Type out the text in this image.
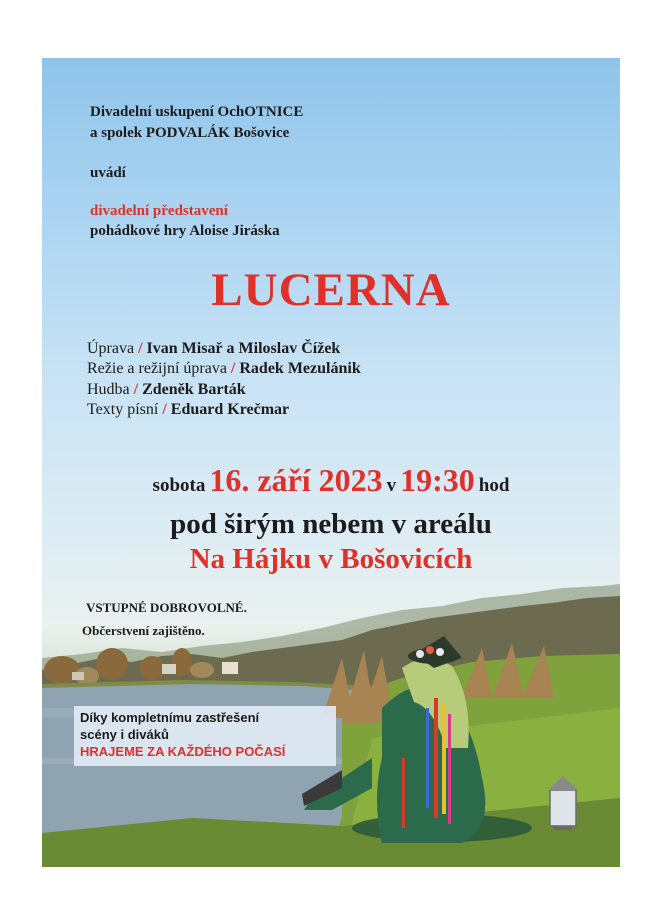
Divadelní uskupení OchOTNICE

a spolek PODVALÁK Bošovice

uvádí

divadelní představení

pohádkové hry Aloise Jiráska

LUCERNA

Úprava / Ivan Misař a Miloslav Čížek

Režie a režijní úprava / Radek Mezulánik

Hudba / Zdeněk Barták

Texty písní / Eduard Krečmar

sobota 16. září 2023 v 19:30 hod

pod širým nebem v areálu

Na Hájku v Bošovicích

VSTUPNÉ DOBROVOLNÉ.

Občerstvení zajištěno.

Díky kompletnímu zastřešení
scény i diváků
HRAJEME ZA KAŽDÉHO POČASÍ
